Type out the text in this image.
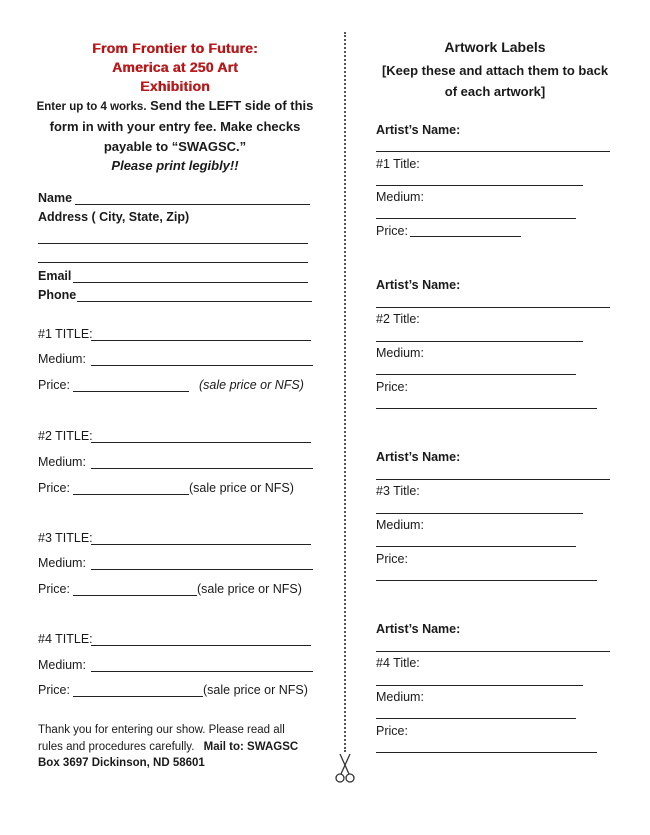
From Frontier to Future:
America at 250 Art
Exhibition
Enter up to 4 works. Send the LEFT side of this
form in with your entry fee. Make checks
payable to “SWAGSC.”
Please print legibly!!
Name
Address ( City, State, Zip)
Email
Phone
#1 TITLE:
Medium:
Price:	(sale price or NFS)
#2 TITLE:
Medium:
Price:	(sale price or NFS)
#3 TITLE:
Medium:
Price:	(sale price or NFS)
#4 TITLE:
Medium:
Price:	(sale price or NFS)
Thank you for entering our show. Please read all
rules and procedures carefully. Mail to: SWAGSC
Box 3697 Dickinson, ND 58601
Artwork Labels
[Keep these and attach them to back
of each artwork]
Artist’s Name:
#1 Title:
Medium:
Price:
Artist’s Name:
#2 Title:
Medium:
Price:
Artist’s Name:
#3 Title:
Medium:
Price:
Artist’s Name:
#4 Title:
Medium:
Price:
